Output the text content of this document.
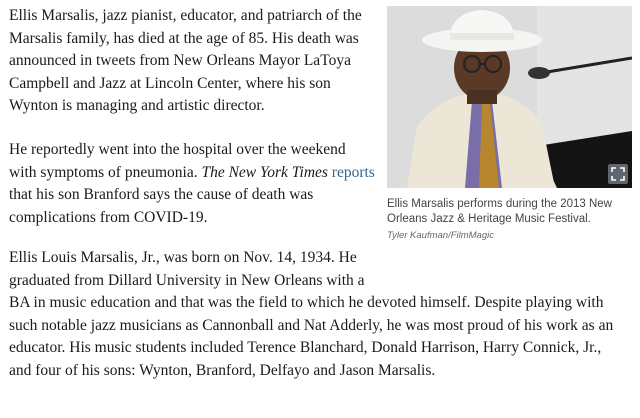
Ellis Marsalis, jazz pianist, educator, and patriarch of the Marsalis family, has died at the age of 85. His death was announced in tweets from New Orleans Mayor LaToya Campbell and Jazz at Lincoln Center, where his son Wynton is managing and artistic director.

He reportedly went into the hospital over the weekend with symptoms of pneumonia. The New York Times reports that his son Branford says the cause of death was complications from COVID-19.

Ellis Louis Marsalis, Jr., was born on Nov. 14, 1934. He graduated from Dillard University in New Orleans with a
BA in music education and that was the field to which he devoted himself. Despite playing with such notable jazz musicians as Cannonball and Nat Adderly, he was most proud of his work as an educator. His music students included Terence Blanchard, Donald Harrison, Harry Connick, Jr., and four of his sons: Wynton, Branford, Delfayo and Jason Marsalis.

Ellis Marsalis performs during the 2013 New Orleans Jazz & Heritage Music Festival.
Tyler Kaufman/FilmMagic
